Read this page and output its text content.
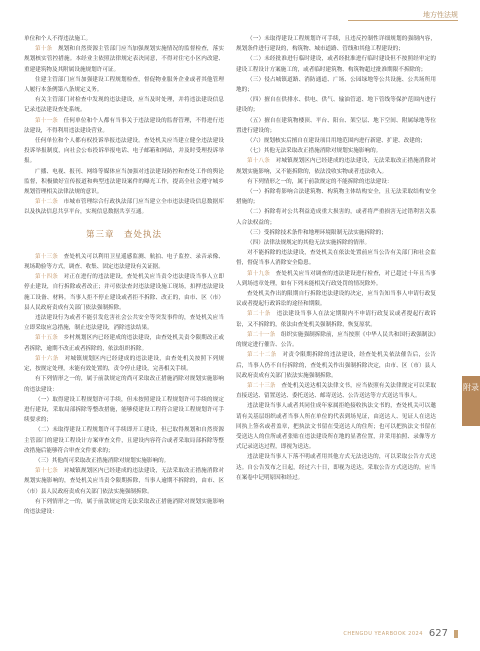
地方性法规

单位和个人不得违法施工。

第十条　 规划和自然资源主管部门应当加强规划实施情况的监督检查，落实规划核实管控措施。本经业主依照法律规定表决同意，不得对住宅小区内改建、重建建筑物及其附属设施规划许可证。

住建主管部门应当加强建设工程规划检查，督促物业服务企业或者其他管理人履行本条例第八条规定义务。

有关主管部门对检查中发现的违法建设，应当及时处理，并将违法建设信息记录违法建设查处系统。

第十一条　 任何单位和个人都有当事关于违法建设的监督管理，不得进行违法建设，不得利用违法建设营业。

任何单位和个人都有权投诉举报违法建设。查处机关应当建立健全违法建设投诉举报制度，向社会公布投诉举报电话、电子邮箱和网站，并及时受理投诉举报。

广播、电视、报刊、网络等媒体应当加强对违法建设防控和查处工作的舆论监督，积极做好宣传报道和典型违法建设案件的曝光工作，提高全社会遵守城乡规划管理相关法律法规的意识。

第十二条　 市城市管理综合行政执法部门应当建立全市违法建设信息数据库以及执法信息共享平台，实现信息数据共享互通。

第三章　查处执法

第十三条　 查处机关可以利用卫星遥感监测、航拍、电子监控、录音录像、现场勘验等方式，调查、收集、固定违法建设有关证据。

第十四条　 对正在进行的违法建设，查处机关应当责令违法建设当事人立即停止建设，自行拆除或者改正；并可依法查封违法建设施工现场，扣押违法建设施工设备、材料。当事人拒不停止建设或者拒不拆除、改正的，由市、区（市）县人民政府责成有关部门依法强制拆除。

违法建设行为或者不能引发危害社会公共安全等突发事件的，查处机关应当立即采取应急措施，制止违法建设，消除违法结果。

第十五条　 乡村规划区内已经建成的违法建设，由查处机关责令限期改正或者拆除，逾期不改正或者拆除的，依法组织拆除。

第十六条　 对城镇规划区内已经建成的违法建设，由查处机关按照下列规定，按规定处理，未能有效处置的，责令停止建设，完善相关手续。

有下列情形之一的，属于前款规定的尚可采取改正措施消除对规划实施影响的违法建设：

（一）取得建设工程规划许可手续，但未按照建设工程规划许可手续的规定进行建设，采取局部拆除等整改措施，能够使建设工程符合建设工程规划许可手续要求的；

（二）未取得建设工程规划许可手续即开工建设，但已取得规划和自然资源主管部门的建设工程设计方案审查文件，且建设内容符合或者采取局部拆除等整改措施后能够符合审查文件要求的；

（三）其他尚可采取改正措施消除对规划实施影响的。

第十七条　 对城镇规划区内已经建成的违法建设，无法采取改正措施消除对规划实施影响的，查处机关应当责令限期拆除，当事人逾期不拆除的，由市、区（市）县人民政府责成有关部门依法实施强制拆除。

有下列情形之一的，属于前款规定的无法采取改正措施消除对规划实施影响的违法建设：

（一）未取得建设工程规划许可手续，且违反控制性详细规划的强制内容，规划条件进行建设的，构筑物、城市道路、管线和其他工程建设的；

（二）未经批准进行临时建设，或者经批准进行临时建设但不按照经审定的建设工程设计方案施工的，或者临时建筑物、构筑物超过批准期限不拆除的；

（三）侵占城镇道路、消防通道、广场、公园绿地等公共设施、公共场所用地的；

（四）擅自在供排水、供电、供气、输油管道、地下管线等保护范围内进行建设的；

（五）擅自在建筑物楼顶、平台、阳台、架空层、地下空间、附属绿地等位置进行建设的；

（六）规划核实后擅自在建设项目用地范围内进行新建、扩建、改建的；

（七）其他无法采取改正措施消除对规划实施影响的。

第十八条　 对城镇规划区内已经建成的违法建设，无法采取改正措施消除对规划实施影响，又不能拆除的，依法没收实物或者违法收入。

有下列情形之一的，属于前款规定的不能拆除的违法建设：

（一）拆除将影响合法建筑物、构筑物主体结构安全，且无法采取结构安全措施的；

（二）拆除将对公共利益造成重大损害的，或者将严重损害无过错利害关系人合法权益的；

（三）受拆除技术条件和地理环境限制无法实施拆除的；

（四）法律法规规定的其他无法实施拆除的情形。

对不能拆除的违法建设，查处机关在依法处置前应当公告有关部门和社会监督，督促当事人消除安全隐患。

第十九条　 查处机关应当对调查的违法建设进行检查，对已超过十年且当事人到场违章处理，如有下列未能相关行政处罚的情况除外。

查处机关作出的限期自行拆除违法建设的决定，应当告知当事人申请行政复议或者提起行政诉讼的途径和期限。

第二十条　 违法建设当事人在法定期限内不申请行政复议或者提起行政诉讼，又不拆除的，依法由查处机关强制拆除，恢复原状。

第二十一条　 组织实施强制拆除前，应当按照《中华人民共和国行政强制法》的规定进行催告、公告。

第二十二条　 对责令限期拆除的违法建设，经查处机关依法催告后，公告后，当事人仍不自行拆除的，查处机关作出强制拆除决定，由市、区（市）县人民政府责成有关部门依法实施强制拆除。

第二十三条　 查处机关送达相关法律文书，应当依照有关法律规定可以采取直接送达、留置送达、委托送达、邮寄送达、公告送达等方式送达当事人。

违法建设当事人或者其同住成年家属拒绝接收执法文书的，查处机关可以邀请有关基层组织或者当事人所在单位的代表到场见证，由送达人、见证人在送达回执上签名或者盖章，把执法文书留在受送达人的住所；也可以把执法文书留在受送达人的住所或者张贴在违法建设所在地的显著位置，并采用拍照、录像等方式记录送达过程，即视为送达。

违法建设当事人下落不明或者用其他方式无法送达的，可以采取公告方式送达。自公告发布之日起，经过六十日，即视为送达。采取公告方式送达的，应当在案卷中记明原因和经过。

附录
CHENGDU YEARBOOK 2024 627
